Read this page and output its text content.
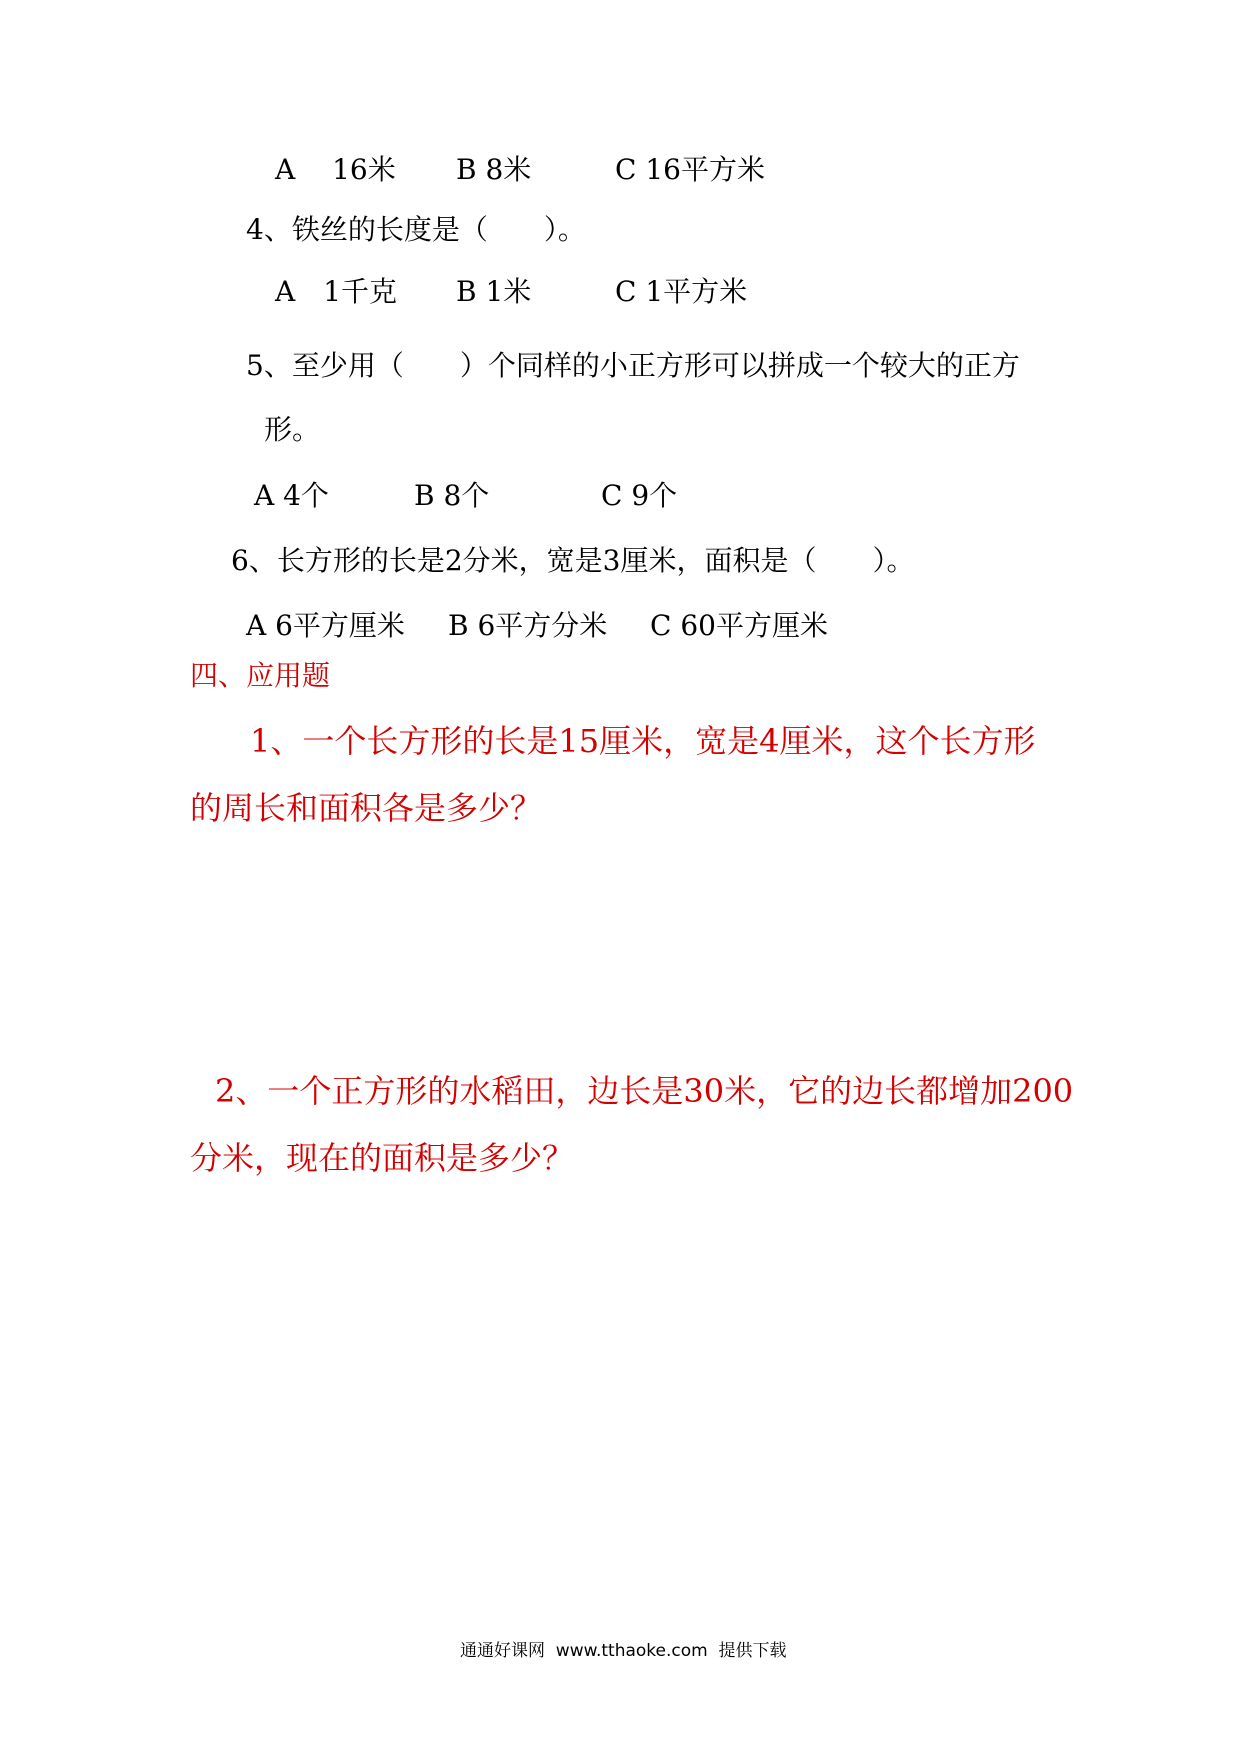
A　 16米 B 8米	C 16平方米
4、铁丝的长度是（　　）。
A　1千克 B 1米	C 1平方米
5、至少用（　　）个同样的小正方形可以拼成一个较大的正方
形。
A 4个	B 8个	C 9个
6、长方形的长是2分米，宽是3厘米，面积是（　　）。
A 6平方厘米 B 6平方分米 C 60平方厘米
四、应用题
1、一个长方形的长是15厘米，宽是4厘米，这个长方形
的周长和面积各是多少？
2、一个正方形的水稻田，边长是30米，它的边长都增加200
分米，现在的面积是多少？
通通好课网  www.tthaoke.com  提供下载
